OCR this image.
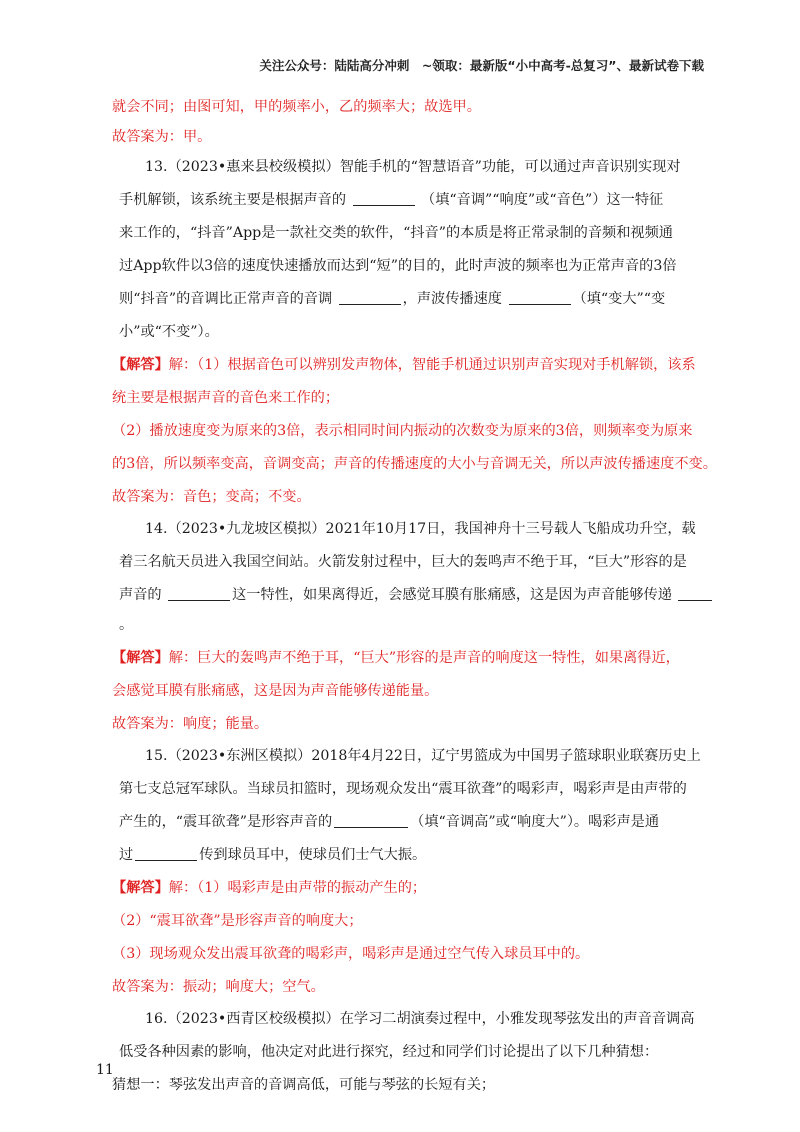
关注公众号：陆陆高分冲刺　~领取：最新版“小中高考-总复习”、最新试卷下载
就会不同；由图可知，甲的频率小，乙的频率大；故选甲。
故答案为：甲。
13.（2023•惠来县校级模拟）智能手机的“智慧语音”功能，可以通过声音识别实现对
手机解锁，该系统主要是根据声音的	（填“音调”“响度”或“音色”）这一特征
来工作的，“抖音”App是一款社交类的软件，“抖音”的本质是将正常录制的音频和视频通
过App软件以3倍的速度快速播放而达到“短”的目的，此时声波的频率也为正常声音的3倍
则“抖音”的音调比正常声音的音调	，声波传播速度	（填“变大”“变
小”或“不变”）。
【解答】解：（1）根据音色可以辨别发声物体，智能手机通过识别声音实现对手机解锁，该系
统主要是根据声音的音色来工作的；
（2）播放速度变为原来的3倍，表示相同时间内振动的次数变为原来的3倍，则频率变为原来
的3倍，所以频率变高，音调变高；声音的传播速度的大小与音调无关，所以声波传播速度不变。
故答案为：音色；变高；不变。
14.（2023•九龙坡区模拟）2021年10月17日，我国神舟十三号载人飞船成功升空，载
着三名航天员进入我国空间站。火箭发射过程中，巨大的轰鸣声不绝于耳，“巨大”形容的是
声音的	这一特性，如果离得近，会感觉耳膜有胀痛感，这是因为声音能够传递
。
【解答】解：巨大的轰鸣声不绝于耳，“巨大”形容的是声音的响度这一特性，如果离得近，
会感觉耳膜有胀痛感，这是因为声音能够传递能量。
故答案为：响度；能量。
15.（2023•东洲区模拟）2018年4月22日，辽宁男篮成为中国男子篮球职业联赛历史上
第七支总冠军球队。当球员扣篮时，现场观众发出“震耳欲聋”的喝彩声，喝彩声是由声带的
产生的，“震耳欲聋”是形容声音的	（填“音调高”或“响度大”）。喝彩声是通
过	传到球员耳中，使球员们士气大振。
【解答】解：（1）喝彩声是由声带的振动产生的；
（2）“震耳欲聋”是形容声音的响度大；
（3）现场观众发出震耳欲聋的喝彩声，喝彩声是通过空气传入球员耳中的。
故答案为：振动；响度大；空气。
16.（2023•西青区校级模拟）在学习二胡演奏过程中，小雅发现琴弦发出的声音音调高
低受各种因素的影响，他决定对此进行探究，经过和同学们讨论提出了以下几种猜想：
猜想一：琴弦发出声音的音调高低，可能与琴弦的长短有关；
11
